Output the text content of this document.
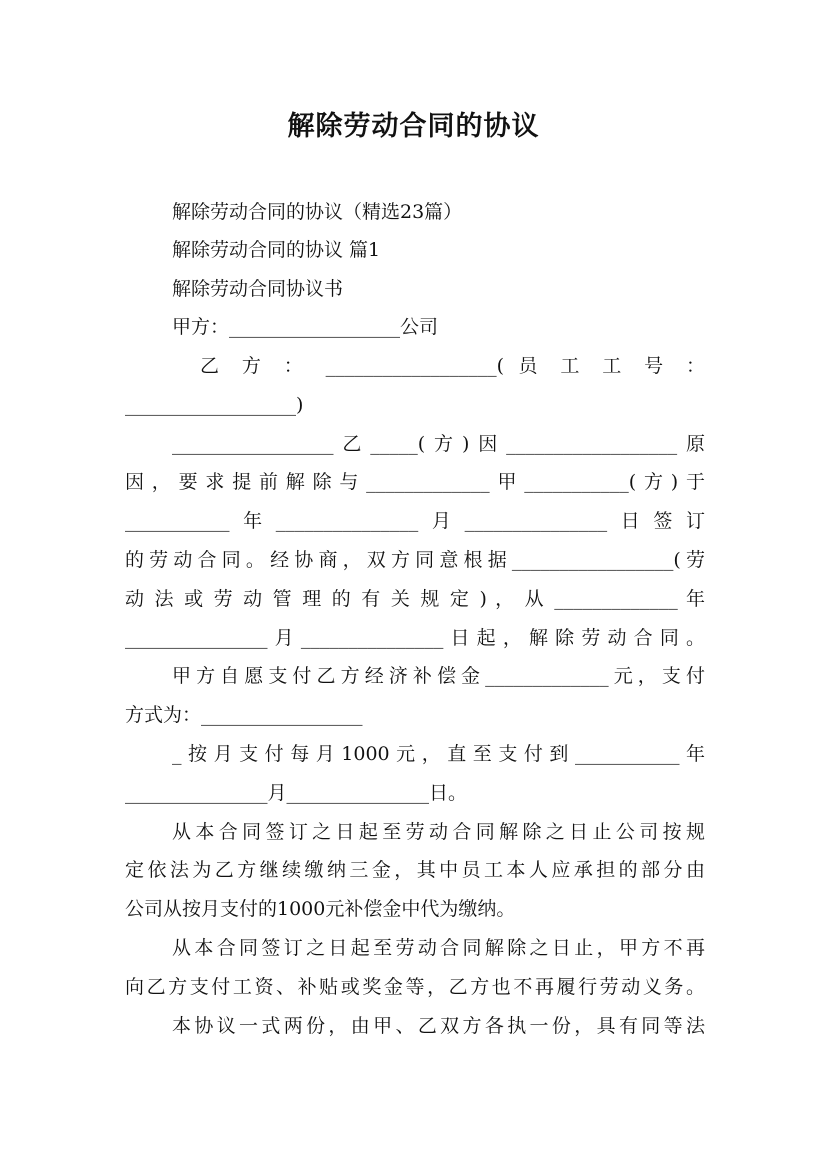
解除劳动合同的协议
解除劳动合同的协议（精选23篇）
解除劳动合同的协议 篇1
解除劳动合同协议书
甲方：__________________公司
乙 方 ： __________________( 员 工 工 号 ：
__________________)
_________________乙_____(方)因__________________原
因，要求提前解除与_____________甲___________(方)于
___________年_______________月_______________日签订
的劳动合同。经协商，双方同意根据_________________(劳
动 法 或 劳 动 管 理 的 有 关 规 定 ) ， 从 _____________ 年
_______________月_______________日起，解除劳动合同。
甲方自愿支付乙方经济补偿金_____________元，支付
方式为：_________________
_按月支付每月1000元，直至支付到___________年
_______________月_______________日。
从本合同签订之日起至劳动合同解除之日止公司按规
定依法为乙方继续缴纳三金，其中员工本人应承担的部分由
公司从按月支付的1000元补偿金中代为缴纳。
从本合同签订之日起至劳动合同解除之日止，甲方不再
向乙方支付工资、补贴或奖金等，乙方也不再履行劳动义务。
本协议一式两份，由甲、乙双方各执一份，具有同等法
